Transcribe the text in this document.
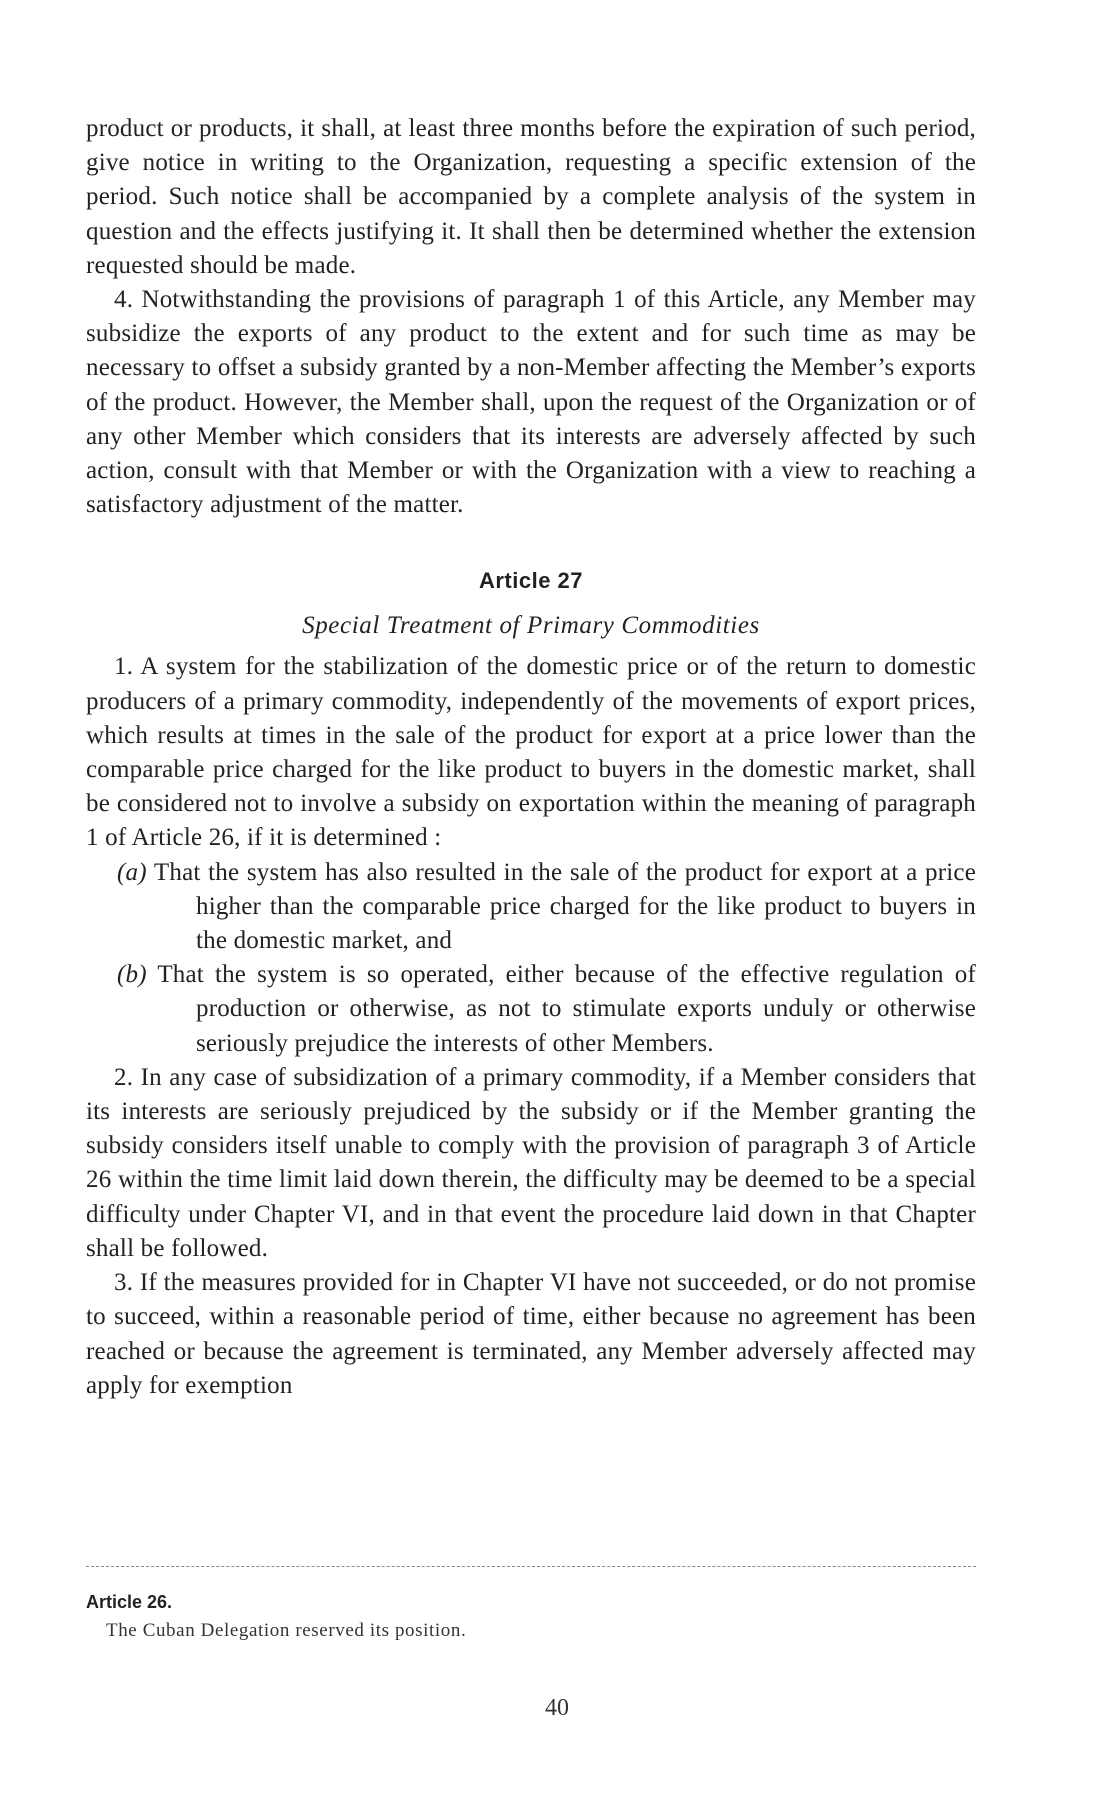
product or products, it shall, at least three months before the expiration of such period, give notice in writing to the Organization, requesting a specific extension of the period. Such notice shall be accompanied by a complete analysis of the system in question and the effects justifying it. It shall then be determined whether the extension requested should be made.

4. Notwithstanding the provisions of paragraph 1 of this Article, any Member may subsidize the exports of any product to the extent and for such time as may be necessary to offset a subsidy granted by a non-Member affecting the Member’s exports of the product. However, the Member shall, upon the request of the Organization or of any other Member which considers that its interests are adversely affected by such action, consult with that Member or with the Organization with a view to reaching a satisfactory adjustment of the matter.

Article 27
Special Treatment of Primary Commodities

1. A system for the stabilization of the domestic price or of the return to domestic producers of a primary commodity, independently of the movements of export prices, which results at times in the sale of the product for export at a price lower than the comparable price charged for the like product to buyers in the domestic market, shall be considered not to involve a subsidy on exportation within the meaning of paragraph 1 of Article 26, if it is determined :

(a) That the system has also resulted in the sale of the product for export at a price higher than the comparable price charged for the like product to buyers in the domestic market, and

(b) That the system is so operated, either because of the effective regulation of production or otherwise, as not to stimulate exports unduly or otherwise seriously prejudice the interests of other Members.

2. In any case of subsidization of a primary commodity, if a Member considers that its interests are seriously prejudiced by the subsidy or if the Member granting the subsidy considers itself unable to comply with the provision of paragraph 3 of Article 26 within the time limit laid down therein, the difficulty may be deemed to be a special difficulty under Chapter VI, and in that event the procedure laid down in that Chapter shall be followed.

3. If the measures provided for in Chapter VI have not succeeded, or do not promise to succeed, within a reasonable period of time, either because no agreement has been reached or because the agreement is terminated, any Member adversely affected may apply for exemption

Article 26.
The Cuban Delegation reserved its position.
40
